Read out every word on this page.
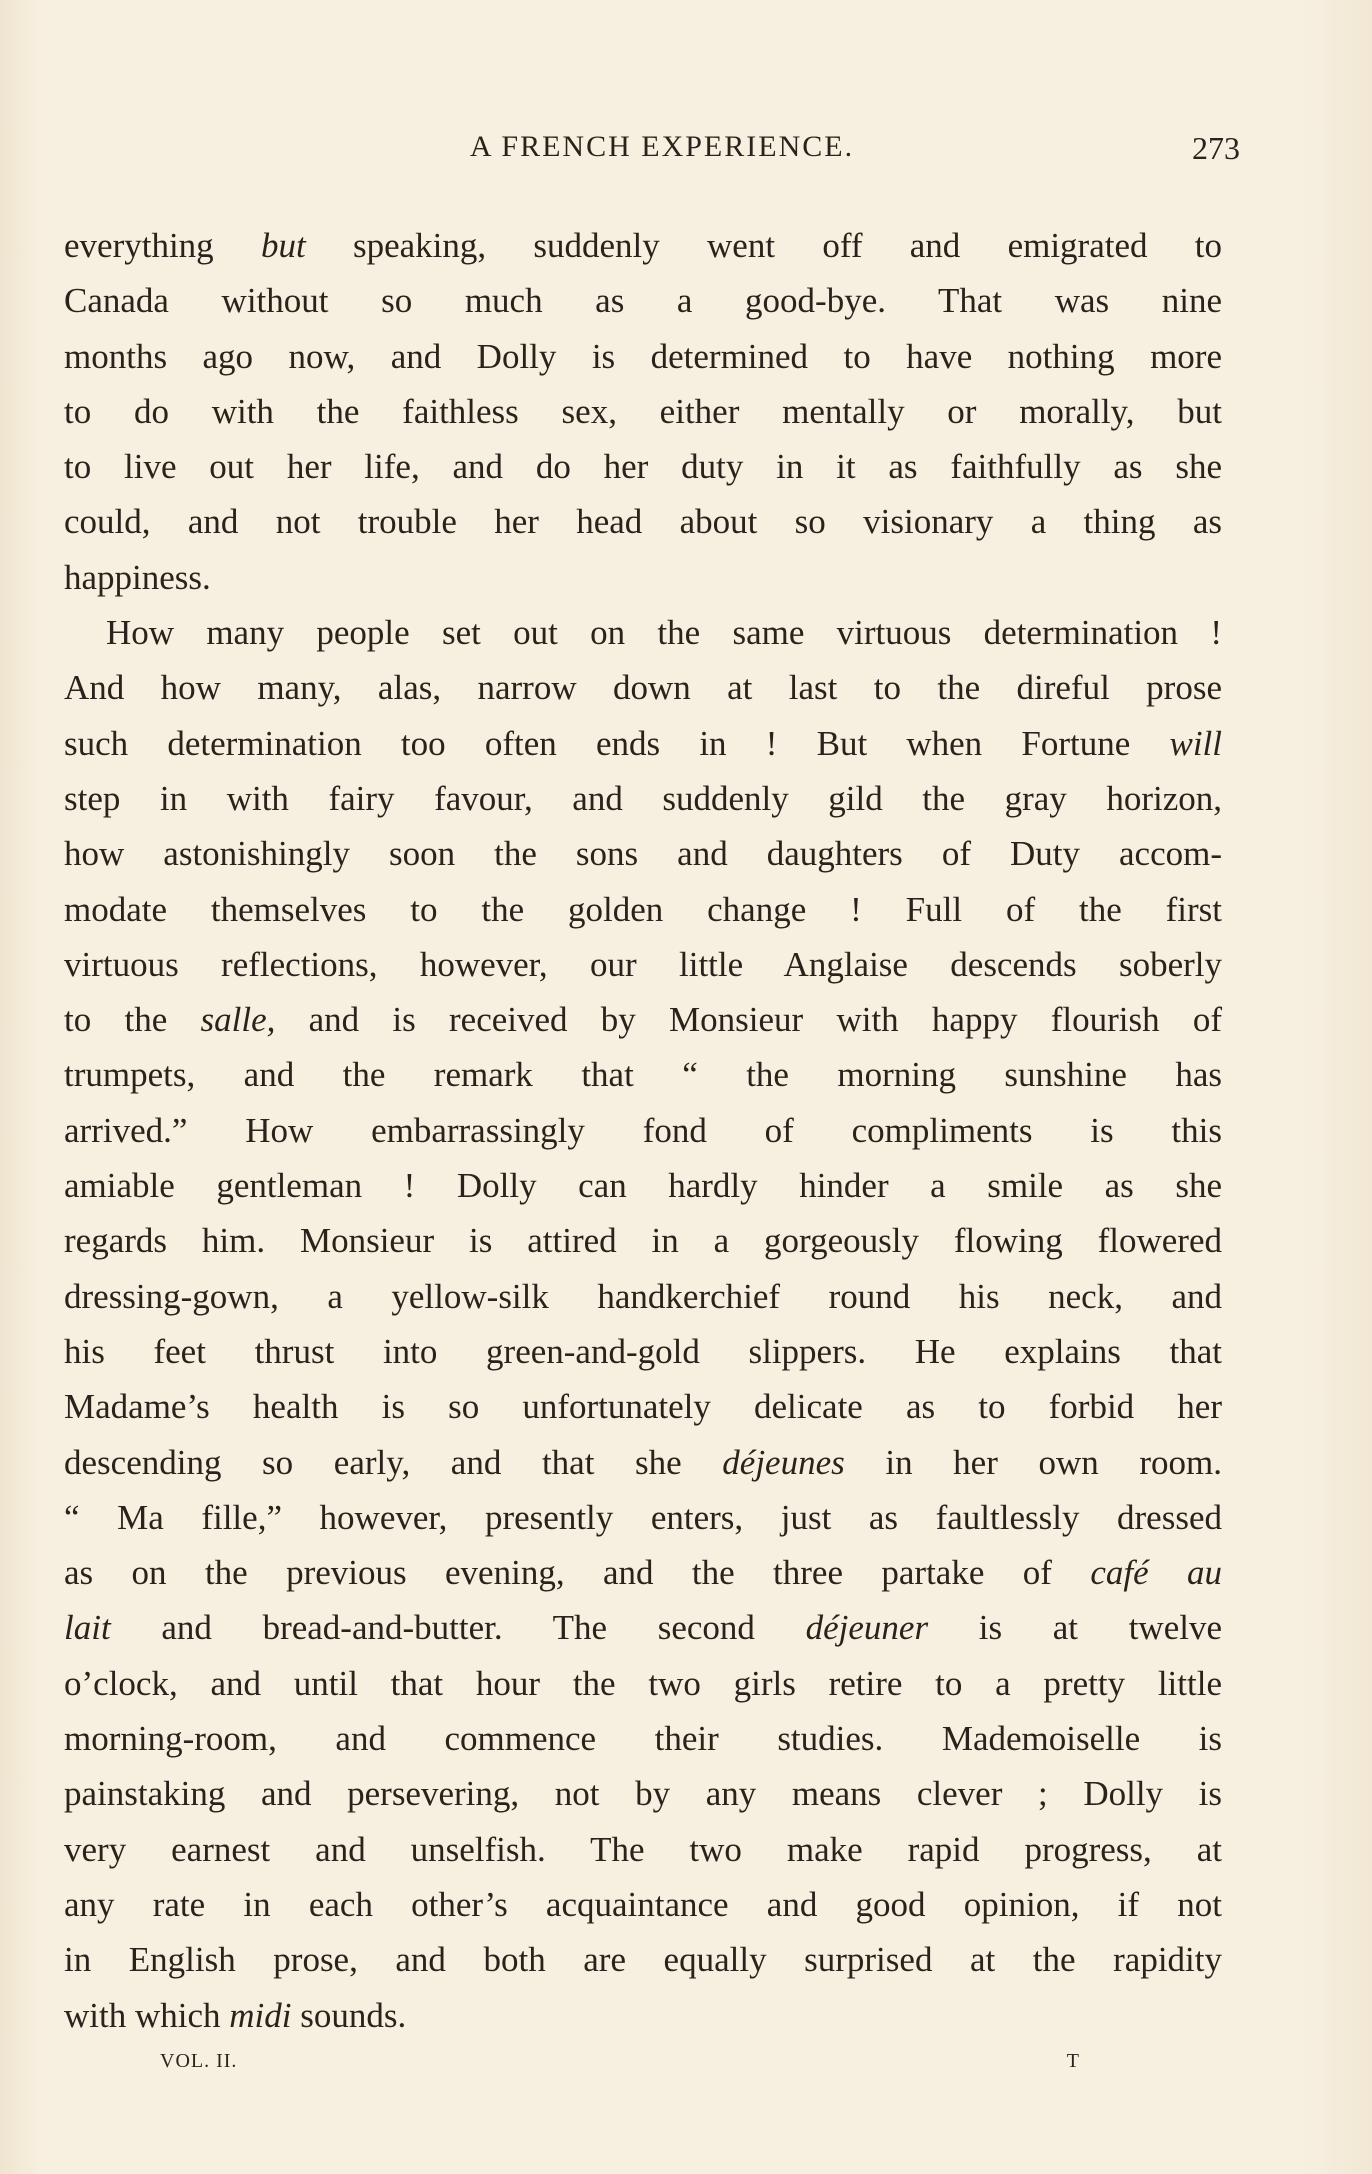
A FRENCH EXPERIENCE.	273
everything but speaking, suddenly went off and emigrated to
Canada without so much as a good-bye. That was nine
months ago now, and Dolly is determined to have nothing more
to do with the faithless sex, either mentally or morally, but
to live out her life, and do her duty in it as faithfully as she
could, and not trouble her head about so visionary a thing as
happiness.
How many people set out on the same virtuous determination !
And how many, alas, narrow down at last to the direful prose
such determination too often ends in ! But when Fortune will
step in with fairy favour, and suddenly gild the gray horizon,
how astonishingly soon the sons and daughters of Duty accom-
modate themselves to the golden change ! Full of the first
virtuous reflections, however, our little Anglaise descends soberly
to the salle, and is received by Monsieur with happy flourish of
trumpets, and the remark that “ the morning sunshine has
arrived.” How embarrassingly fond of compliments is this
amiable gentleman ! Dolly can hardly hinder a smile as she
regards him. Monsieur is attired in a gorgeously flowing flowered
dressing-gown, a yellow-silk handkerchief round his neck, and
his feet thrust into green-and-gold slippers. He explains that
Madame’s health is so unfortunately delicate as to forbid her
descending so early, and that she déjeunes in her own room.
“ Ma fille,” however, presently enters, just as faultlessly dressed
as on the previous evening, and the three partake of café au
lait and bread-and-butter. The second déjeuner is at twelve
o’clock, and until that hour the two girls retire to a pretty little
morning-room, and commence their studies. Mademoiselle is
painstaking and persevering, not by any means clever ; Dolly is
very earnest and unselfish. The two make rapid progress, at
any rate in each other’s acquaintance and good opinion, if not
in English prose, and both are equally surprised at the rapidity
with which midi sounds.
VOL. II.	T
